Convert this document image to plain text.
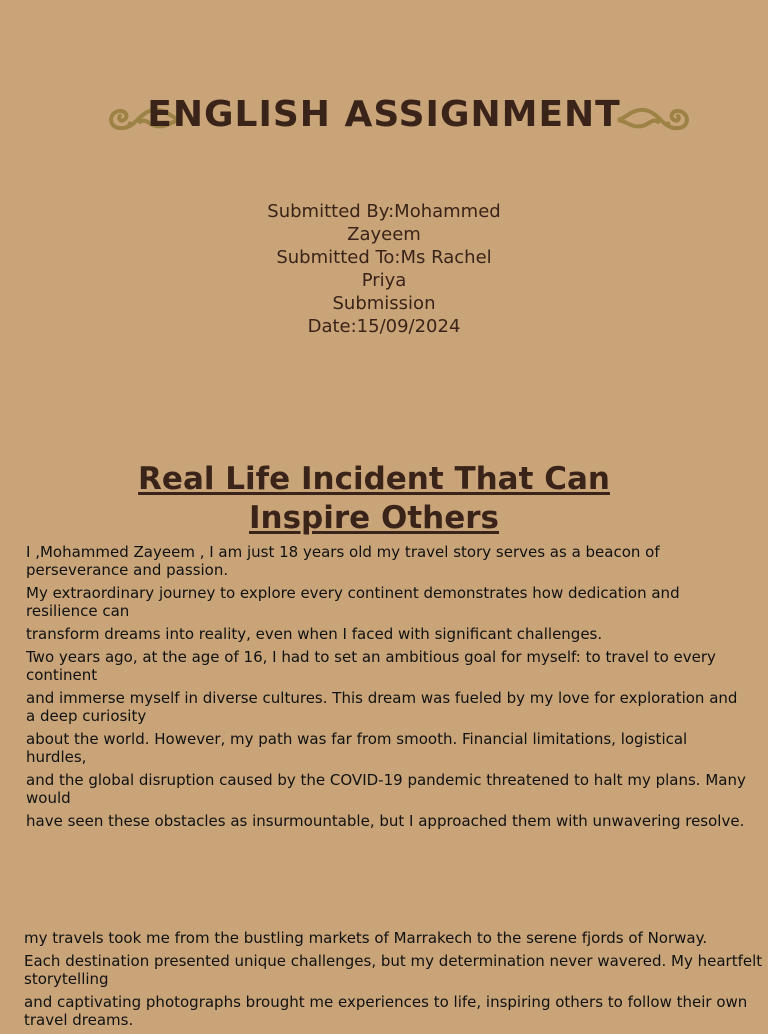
ENGLISH ASSIGNMENT
Submitted By:Mohammed
Zayeem
Submitted To:Ms Rachel
Priya
Submission
Date:15/09/2024
Real Life Incident That Can
Inspire Others

I ,Mohammed Zayeem , I am just 18 years old my travel story serves as a beacon of perseverance and passion.

My extraordinary journey to explore every continent demonstrates how dedication and resilience can

transform dreams into reality, even when I faced with significant challenges.

Two years ago, at the age of 16, I had to set an ambitious goal for myself: to travel to every continent

and immerse myself in diverse cultures. This dream was fueled by my love for exploration and a deep curiosity

about the world. However, my path was far from smooth. Financial limitations, logistical hurdles,

and the global disruption caused by the COVID-19 pandemic threatened to halt my plans. Many would

have seen these obstacles as insurmountable, but I approached them with unwavering resolve.

my travels took me from the bustling markets of Marrakech to the serene fjords of Norway.

Each destination presented unique challenges, but my determination never wavered. My heartfelt storytelling

and captivating photographs brought me experiences to life, inspiring others to follow their own travel dreams.
